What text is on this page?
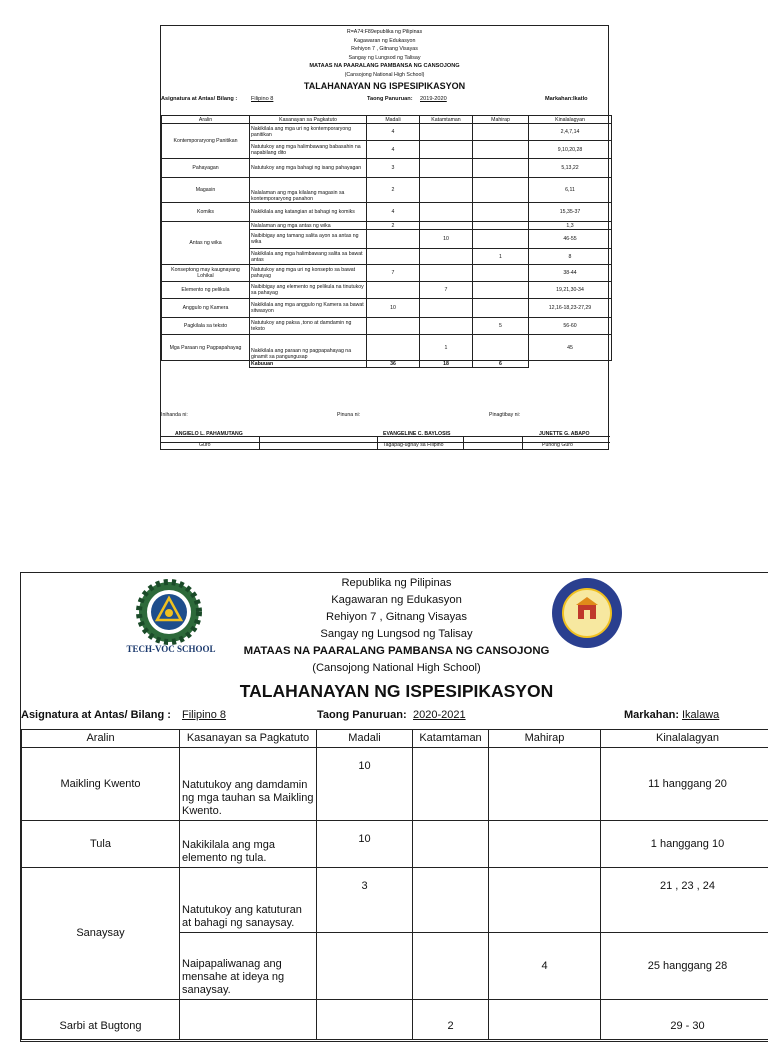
R=A74:F89epublika ng Pilipinas
Kagawaran ng Edukasyon
Rehiyon 7 , Gitnang Visayas
Sangay ng Lungsod ng Talisay
MATAAS NA PAARALANG PAMBANSA NG CANSOJONG
(Cansojong National High School)
TALAHANAYAN NG ISPESIPIKASYON
Asignatura at Antas/ Bilang : Filipino 8	Taong Panuruan: 2019-2020	Markahan:Ikatlo
Aralin	Kasanayan sa Pagkatuto	Madali	Katamtaman	Mahirap	Kinalalagyan
Kontemporaryong Panitikan	Nakikilala ang mga uri ng kontemporaryong panitikan	4			2,4,7,14
	Natutukoy ang mga halimbawang babasahin na napabilang dito	4			9,10,20,28
Pahayagan	Natutukoy ang mga bahagi ng isang pahayagan	3			5,13,22
Magasin	Nalalaman ang mga kilalang magasin sa kontemporaryong panahon	2			6,11
Komiks	Nakikilala ang katangian at bahagi ng komiks	4			15,35-37
Antas ng wika	Nalalaman ang mga antas ng wika	2			1,3
	Naibibigay ang tamang salita ayon sa antas ng wika		10		46-55
	Nakikilala ang mga halimbawang salita sa bawat antas			1	8
Konseptong may kaugnayang Lohikal	Natutukoy ang mga uri ng konsepto sa bawat pahayag	7			38-44
Elemento ng pelikula	Naibibigay ang elemento ng pelikula na tinutukoy sa pahayag		7		19,21,30-34
Anggulo ng Kamera	Nakikilala ang mga anggulo ng Kamera sa bawat sitwasyon	10			12,16-18,23-27,29
Pagkilala sa teksto	Natutukoy ang paksa ,tono at damdamin ng teksto			5	56-60
Mga Paraan ng Pagpapahayag	Nakikilala ang paraan ng pagpapahayag na ginamit sa pangungusap		1		45
	Kabuuan	36	18	6	
Inihanda ni:	Pinuna ni:	Pinagtibay ni:
ANGIELO L. PAHAMUTANG
Guro
EVANGELINE C. BAYLOSIS
Tagapag-ugnay sa Filipino
JUNETTE G. ABAPO
Punong Guro
TECH-VOC SCHOOL
Republika ng Pilipinas
Kagawaran ng Edukasyon
Rehiyon 7 , Gitnang Visayas
Sangay ng Lungsod ng Talisay
MATAAS NA PAARALANG PAMBANSA NG CANSOJONG
(Cansojong National High School)
TALAHANAYAN NG ISPESIPIKASYON
Asignatura at Antas/ Bilang : Filipino 8	Taong Panuruan: 2020-2021	Markahan: Ikalawa
Aralin	Kasanayan sa Pagkatuto	Madali	Katamtaman	Mahirap	Kinalalagyan
Maikling Kwento	Natutukoy ang damdamin ng mga tauhan sa Maikling Kwento.	10			11 hanggang 20
Tula	Nakikilala ang mga elemento ng tula.	10			1 hanggang 10
Sanaysay	Natutukoy ang katuturan at bahagi ng sanaysay.	3			21 , 23 , 24
	Naipapaliwanag ang mensahe at ideya ng sanaysay.			4	25 hanggang 28
Sarbi at Bugtong			2		29 - 30
